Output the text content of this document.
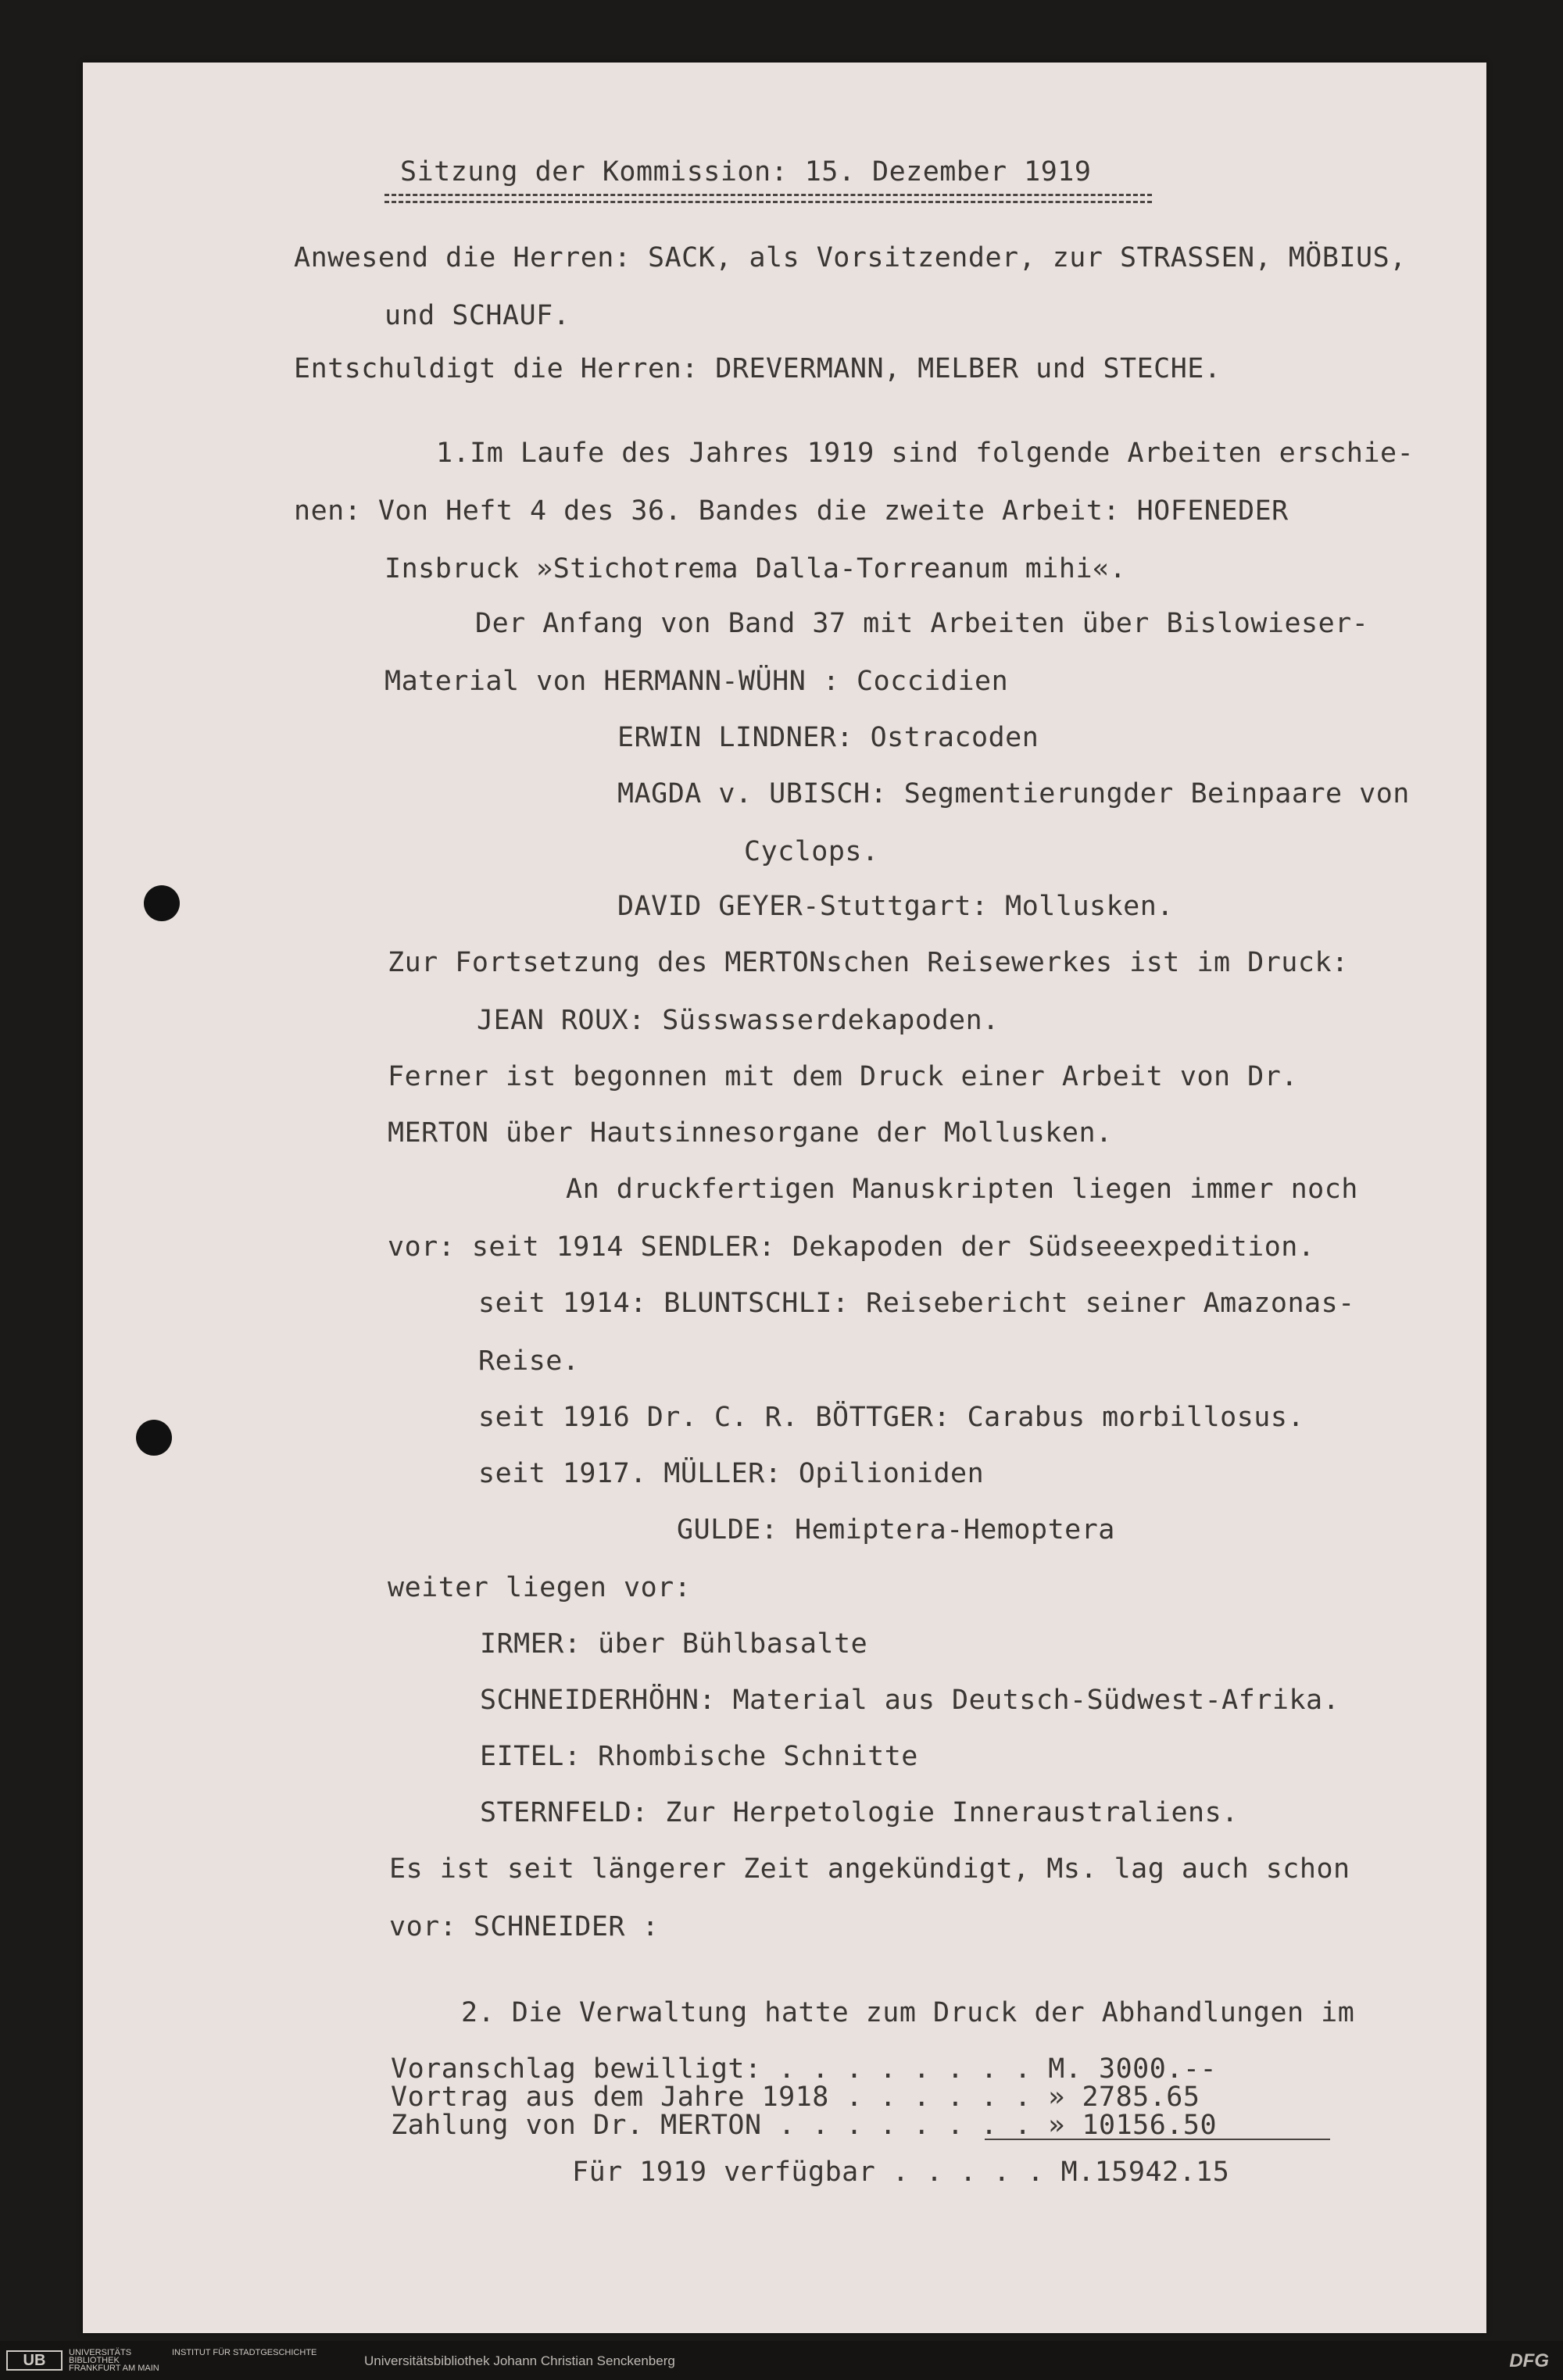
Sitzung der Kommission: 15. Dezember 1919
Anwesend die Herren: SACK, als Vorsitzender, zur STRASSEN, MÖBIUS,
und SCHAUF.
Entschuldigt die Herren: DREVERMANN, MELBER und STECHE.
1.Im Laufe des Jahres 1919 sind folgende Arbeiten erschie-
nen: Von Heft 4 des 36. Bandes die zweite Arbeit: HOFENEDER
Insbruck »Stichotrema Dalla-Torreanum mihi«.
Der Anfang von Band 37 mit Arbeiten über Bislowieser-
Material von HERMANN-WÜHN : Coccidien
ERWIN LINDNER: Ostracoden
MAGDA v. UBISCH: Segmentierungder Beinpaare von
Cyclops.
DAVID GEYER-Stuttgart: Mollusken.
Zur Fortsetzung des MERTONschen Reisewerkes ist im Druck:
JEAN ROUX: Süsswasserdekapoden.
Ferner ist begonnen mit dem Druck einer Arbeit von Dr.
MERTON über Hautsinnesorgane der Mollusken.
An druckfertigen Manuskripten liegen immer noch
vor: seit 1914 SENDLER: Dekapoden der Südseeexpedition.
seit 1914: BLUNTSCHLI: Reisebericht seiner Amazonas-
Reise.
seit 1916 Dr. C. R. BÖTTGER: Carabus morbillosus.
seit 1917. MÜLLER: Opilioniden
GULDE: Hemiptera-Hemoptera
weiter liegen vor:
IRMER: über Bühlbasalte
SCHNEIDERHÖHN: Material aus Deutsch-Südwest-Afrika.
EITEL: Rhombische Schnitte
STERNFELD: Zur Herpetologie Inneraustraliens.
Es ist seit längerer Zeit angekündigt, Ms. lag auch schon
vor: SCHNEIDER :
2. Die Verwaltung hatte zum Druck der Abhandlungen im
Voranschlag bewilligt: . . . . . . . . M. 3000.--
Vortrag aus dem Jahre 1918 . . . . . . » 2785.65
Zahlung von Dr. MERTON . . . . . . . . » 10156.50
Für 1919 verfügbar . . . . . M.15942.15
UB	UNIVERSITÄTS BIBLIOTHEK FRANKFURT AM MAIN
INSTITUT FÜR STADTGESCHICHTE
Universitätsbibliothek Johann Christian Senckenberg	DFG
